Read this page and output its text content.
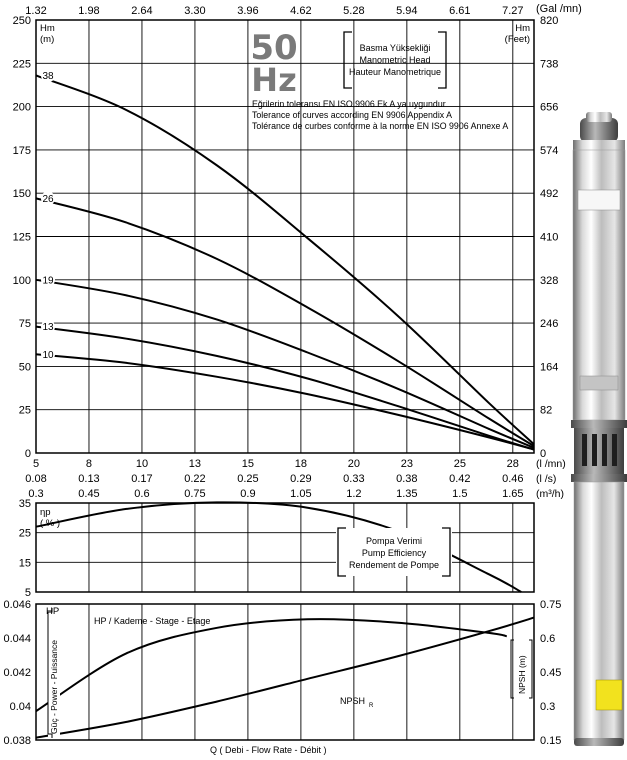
38
26
19
13
10
0
25
50
75
100
125
150
175
200
225
250
0
82
164
246
328
410
492
574
656
738
820
1.32	1.98	2.64	3.30	3.96	4.62	5.28	5.94	6.61	7.27 (Gal /mn)
Hm
(m)
Hm
(Feet)
50
Hz
Basma Yüksekliği
Manometric Head
Hauteur Manometrique
Eğrilerin toleransı EN ISO 9906 Ek A ya uygundur
Tolerance of curves according EN 9906 Appendix A
Tolérance de curbes conforme à la norme EN ISO 9906 Annexe A
5	8	10	13	15	18	20	23	25	28
0.08	0.13	0.17	0.22	0.25	0.29	0.33	0.38	0.42	0.46
0.3	0.45	0.6	0.75	0.9	1.05	1.2	1.35	1.5	1.65
(l /mn)
(l /s)
(m³/h)
5
15
25
35
ηp
( % )
Pompa Verimi
Pump Efficiency
Rendement de Pompe
0.038
0.04
0.042
0.044
0.046
0.15
0.3
0.45
0.6
0.75
HP
Güç - Power - Puissance
HP / Kademe - Stage - Etage
NPSH R
NPSH (m)
Q ( Debi - Flow Rate - Débit )
